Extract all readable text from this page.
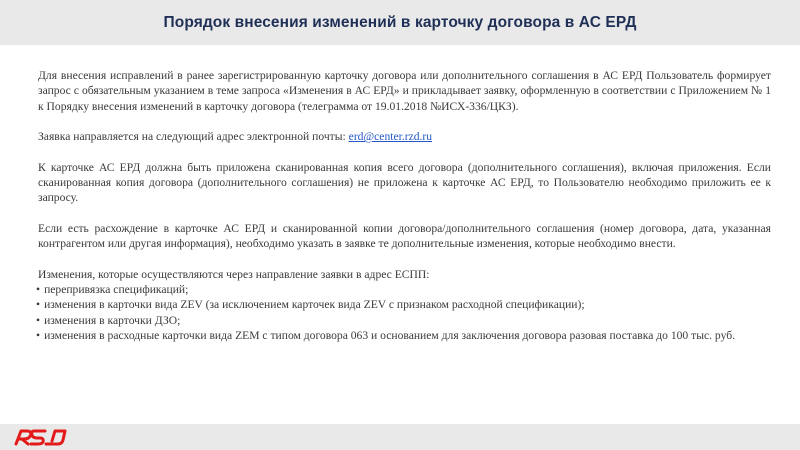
Порядок внесения изменений в карточку договора в АС ЕРД

Для внесения исправлений в ранее зарегистрированную карточку договора или дополнительного соглашения в АС ЕРД Пользователь формирует запрос с обязательным указанием в теме запроса «Изменения в АС ЕРД» и прикладывает заявку, оформленную в соответствии с Приложением № 1 к Порядку внесения изменений в карточку договора (телеграмма от 19.01.2018 №ИСХ-336/ЦКЗ).

Заявка направляется на следующий адрес электронной почты: erd@center.rzd.ru

К карточке АС ЕРД должна быть приложена сканированная копия всего договора (дополнительного соглашения), включая приложения. Если сканированная копия договора (дополнительного соглашения) не приложена к карточке АС ЕРД, то Пользователю необходимо приложить ее к запросу.

Если есть расхождение в карточке АС ЕРД и сканированной копии договора/дополнительного соглашения (номер договора, дата, указанная контрагентом или другая информация), необходимо указать в заявке те дополнительные изменения, которые необходимо внести.

Изменения, которые осуществляются через направление заявки в адрес ЕСПП:

• перепривязка спецификаций;
• изменения в карточки вида ZEV (за исключением карточек вида ZEV с признаком расходной спецификации);
• изменения в карточки ДЗО;
• изменения в расходные карточки вида ZEM с типом договора 063 и основанием для заключения договора разовая поставка до 100 тыс. руб.
